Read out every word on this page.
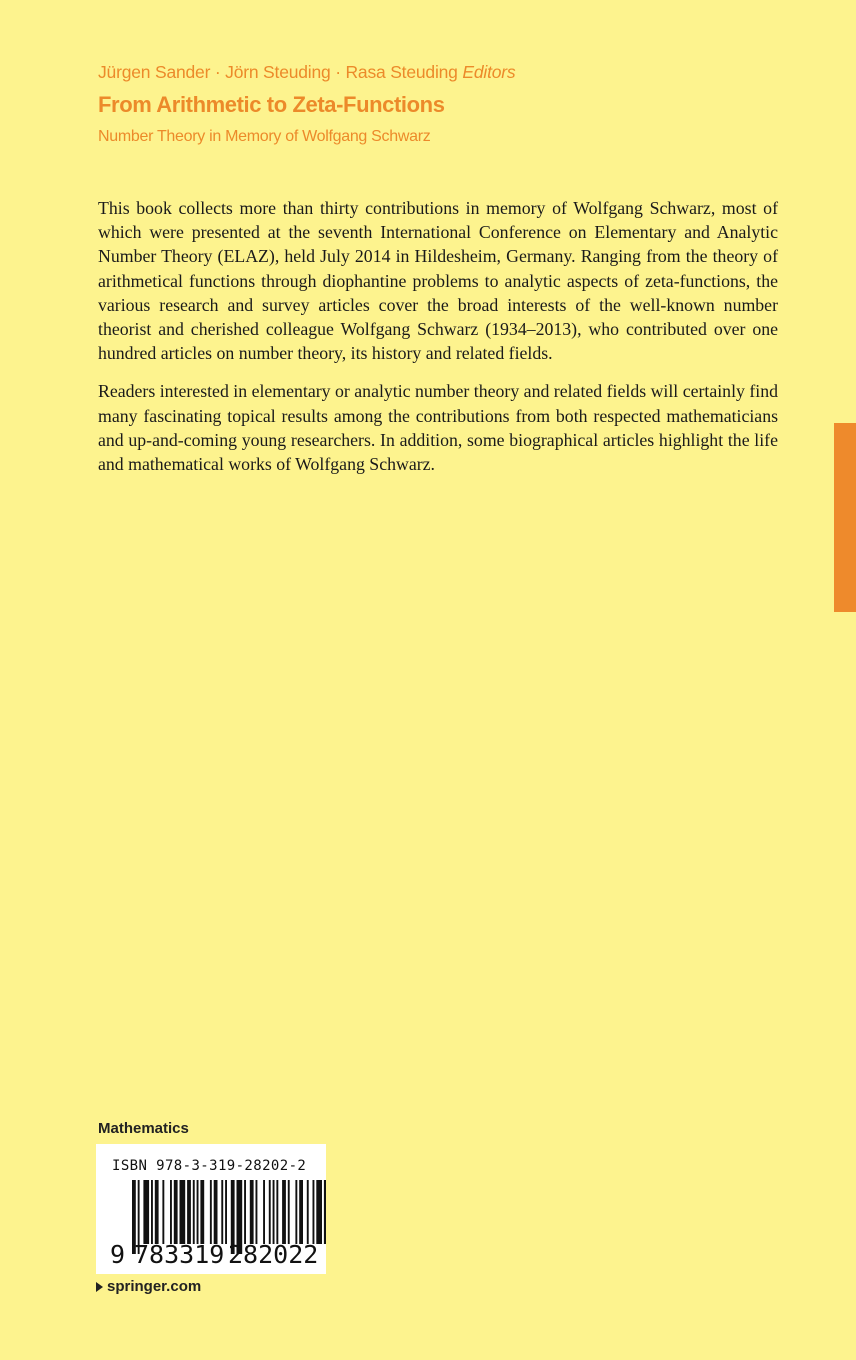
Jürgen Sander · Jörn Steuding · Rasa Steuding Editors
From Arithmetic to Zeta-Functions
Number Theory in Memory of Wolfgang Schwarz

This book collects more than thirty contributions in memory of Wolfgang Schwarz, most of which were presented at the seventh International Conference on Elementary and Analytic Number Theory (ELAZ), held July 2014 in Hildesheim, Germany. Ranging from the theory of arithmetical functions through diophantine problems to analytic aspects of zeta-functions, the various research and survey articles cover the broad interests of the well-known number theorist and cherished colleague Wolfgang Schwarz (1934–2013), who contributed over one hundred articles on number theory, its history and related fields.

Readers interested in elementary or analytic number theory and related fields will certainly find many fascinating topical results among the contributions from both respected mathematicians and up-and-coming young researchers. In addition, some biographical articles highlight the life and mathematical works of Wolfgang Schwarz.

Mathematics
ISBN 978-3-319-28202-2
9 783319 282022
springer.com
